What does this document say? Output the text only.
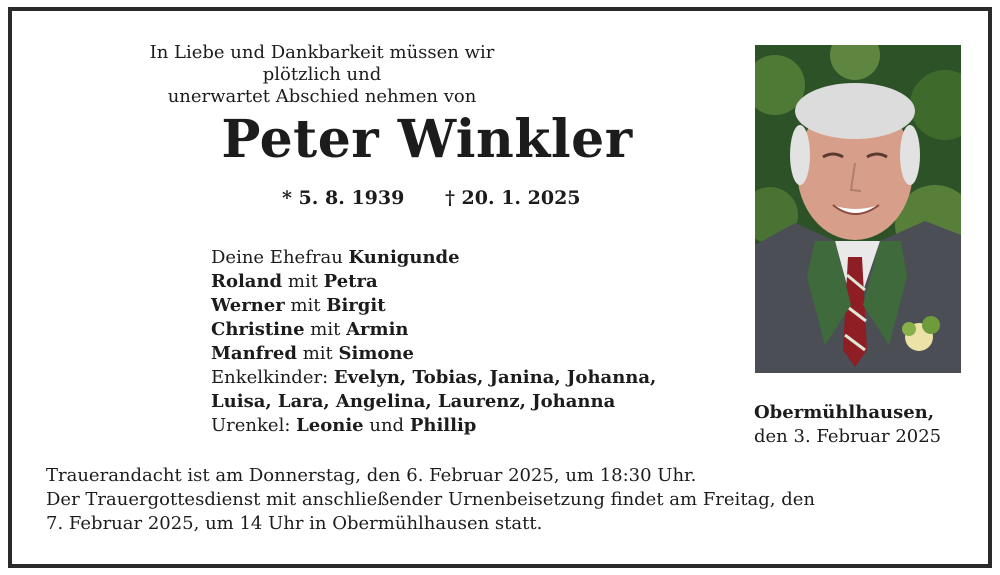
In Liebe und Dankbarkeit müssen wir plötzlich und
unerwartet Abschied nehmen von
Peter Winkler
* 5. 8. 1939 † 20. 1. 2025
Deine Ehefrau Kunigunde
Roland mit Petra
Werner mit Birgit
Christine mit Armin
Manfred mit Simone
Enkelkinder: Evelyn, Tobias, Janina, Johanna,
Luisa, Lara, Angelina, Laurenz, Johanna
Urenkel: Leonie und Phillip
Obermühlhausen,
den 3. Februar 2025
Trauerandacht ist am Donnerstag, den 6. Februar 2025, um 18:30 Uhr.
Der Trauergottesdienst mit anschließender Urnenbeisetzung findet am Freitag, den
7. Februar 2025, um 14 Uhr in Obermühlhausen statt.
